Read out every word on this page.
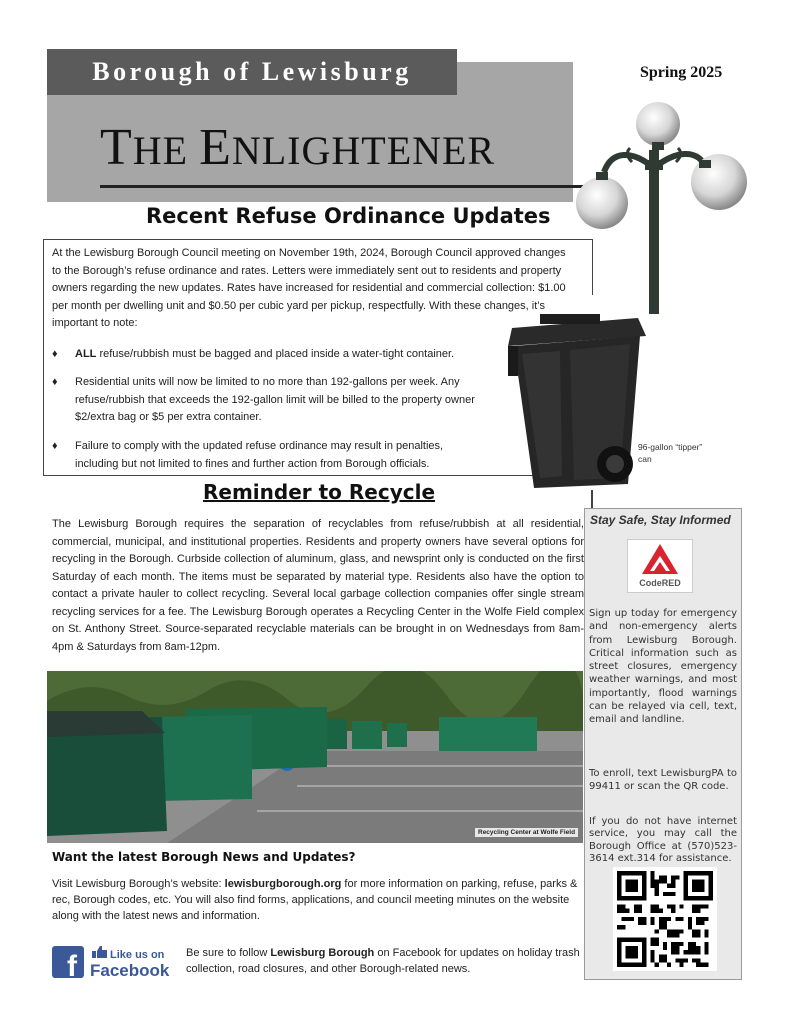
Borough of Lewisburg
THE ENLIGHTENER
Spring 2025
Recent Refuse Ordinance Updates
At the Lewisburg Borough Council meeting on November 19th, 2024, Borough Council approved changes to the Borough’s refuse ordinance and rates. Letters were immediately sent out to residents and property owners regarding the new updates. Rates have increased for residential and commercial collection: $1.00 per month per dwelling unit and $0.50 per cubic yard per pickup, respectfully. With these changes, it’s important to note:
♦ ALL refuse/rubbish must be bagged and placed inside a water-tight container.
♦ Residential units will now be limited to no more than 192-gallons per week. Any refuse/rubbish that exceeds the 192-gallon limit will be billed to the property owner $2/extra bag or $5 per extra container.
♦ Failure to comply with the updated refuse ordinance may result in penalties, including but not limited to fines and further action from Borough officials.
96-gallon “tipper” can
Reminder to Recycle
The Lewisburg Borough requires the separation of recyclables from refuse/rubbish at all residential, commercial, municipal, and institutional properties. Residents and property owners have several options for recycling in the Borough. Curbside collection of aluminum, glass, and newsprint only is conducted on the first Saturday of each month. The items must be separated by material type. Residents also have the option to contact a private hauler to collect recycling. Several local garbage collection companies offer single stream recycling services for a fee. The Lewisburg Borough operates a Recycling Center in the Wolfe Field complex on St. Anthony Street. Source-separated recyclable materials can be brought in on Wednesdays from 8am-4pm & Saturdays from 8am-12pm.
Recycling Center at Wolfe Field
Stay Safe, Stay Informed
CodeRED
Sign up today for emergency and non-emergency alerts from Lewisburg Borough. Critical information such as street closures, emergency weather warnings, and most importantly, flood warnings can be relayed via cell, text, email and landline.
To enroll, text LewisburgPA to 99411 or scan the QR code.
If you do not have internet service, you may call the Borough Office at (570)523-3614 ext.314 for assistance.
Want the latest Borough News and Updates?
Visit Lewisburg Borough’s website: lewisburgborough.org for more information on parking, refuse, parks & rec, Borough codes, etc. You will also find forms, applications, and council meeting minutes on the website along with the latest news and information.
f	Like us on
Facebook
Be sure to follow Lewisburg Borough on Facebook for updates on holiday trash collection, road closures, and other Borough-related news.
